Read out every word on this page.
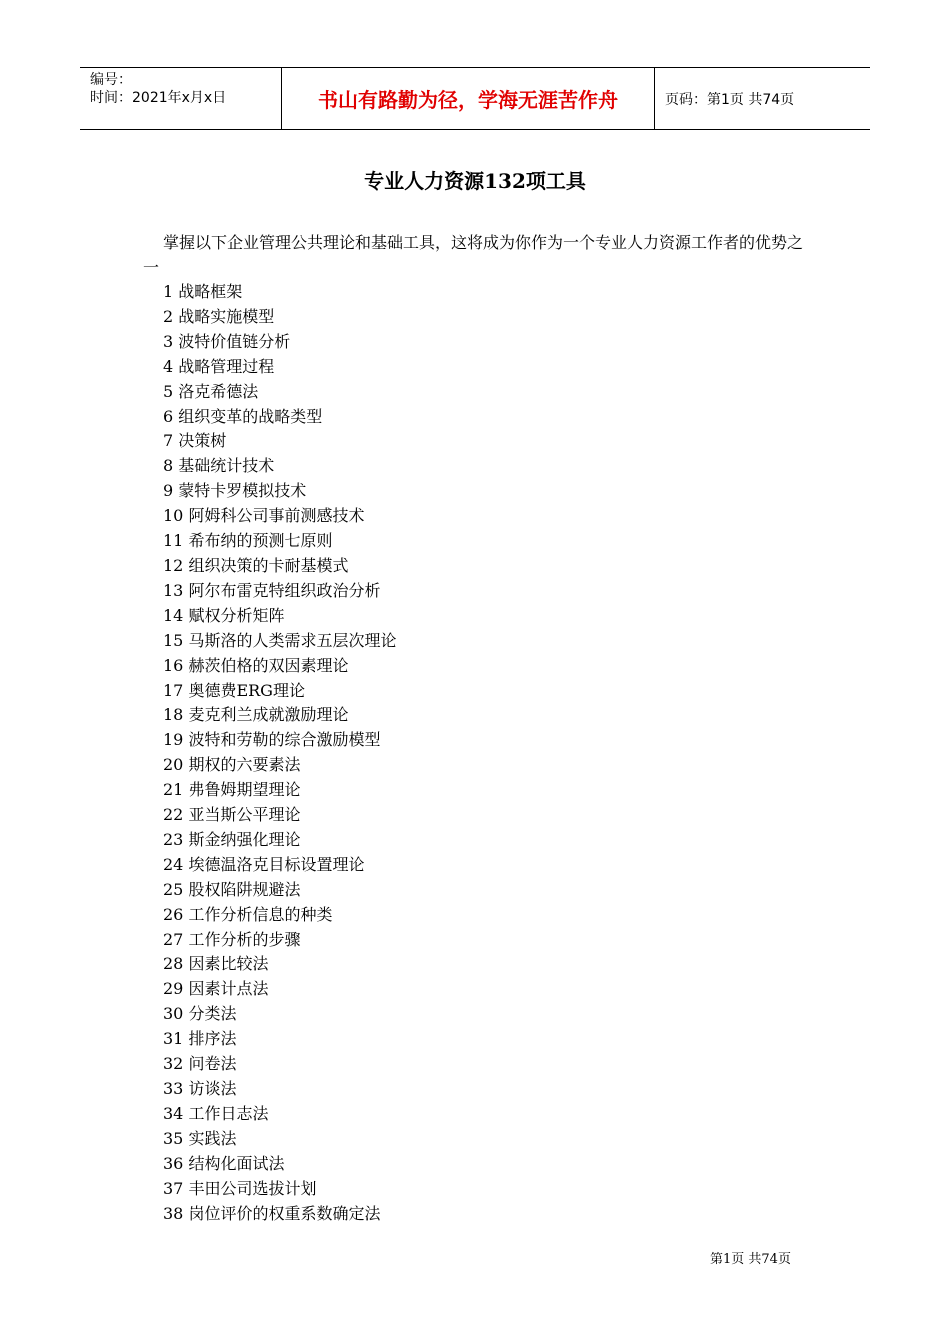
编号：
时间：2021年x月x日	书山有路勤为径，学海无涯苦作舟	页码：第1页 共74页
专业人力资源132项工具
掌握以下企业管理公共理论和基础工具，这将成为你作为一个专业人力资源工作者的优势之一
1 战略框架
2 战略实施模型
3 波特价值链分析
4 战略管理过程
5 洛克希德法
6 组织变革的战略类型
7 决策树
8 基础统计技术
9 蒙特卡罗模拟技术
10 阿姆科公司事前测感技术
11 希布纳的预测七原则
12 组织决策的卡耐基模式
13 阿尔布雷克特组织政治分析
14 赋权分析矩阵
15 马斯洛的人类需求五层次理论
16 赫茨伯格的双因素理论
17 奥德费ERG理论
18 麦克利兰成就激励理论
19 波特和劳勒的综合激励模型
20 期权的六要素法
21 弗鲁姆期望理论
22 亚当斯公平理论
23 斯金纳强化理论
24 埃德温洛克目标设置理论
25 股权陷阱规避法
26 工作分析信息的种类
27 工作分析的步骤
28 因素比较法
29 因素计点法
30 分类法
31 排序法
32 问卷法
33 访谈法
34 工作日志法
35 实践法
36 结构化面试法
37 丰田公司选拔计划
38 岗位评价的权重系数确定法
第1页 共74页
